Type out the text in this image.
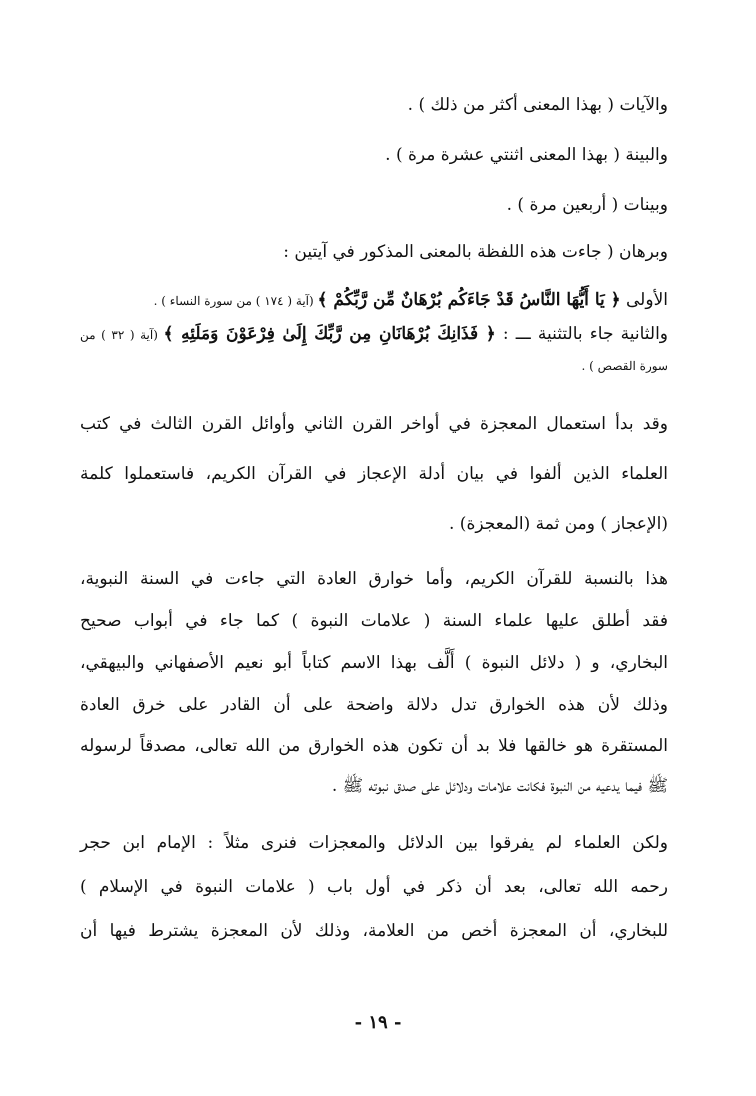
والآيات ( بهذا المعنى أكثر من ذلك ) .
والبينة ( بهذا المعنى اثنتي عشرة مرة ) .
وبينات ( أربعين مرة ) .
وبرهان ( جاءت هذه اللفظة بالمعنى المذكور في آيتين :
الأولى ﴿ يَا أَيُّهَا النَّاسُ قَدْ جَاءَكُم بُرْهَانٌ مِّن رَّبِّكُمْ ﴾ (آية ( ١٧٤ ) من سورة النساء ) .
والثانية جاء بالتثنية ـــ : ﴿ فَذَانِكَ بُرْهَانَانِ مِن رَّبِّكَ إِلَىٰ فِرْعَوْنَ وَمَلَئِهِ ﴾ (آية ( ٣٢ ) من
سورة القصص ) .
وقد بدأ استعمال المعجزة في أواخر القرن الثاني وأوائل القرن الثالث في كتب
العلماء الذين ألفوا في بيان أدلة الإعجاز في القرآن الكريم، فاستعملوا كلمة
(الإعجاز ) ومن ثمة (المعجزة) .
هذا بالنسبة للقرآن الكريم، وأما خوارق العادة التي جاءت في السنة النبوية،
فقد أطلق عليها علماء السنة ( علامات النبوة ) كما جاء في أبواب صحيح
البخاري، و ( دلائل النبوة ) أَلَّف بهذا الاسم كتاباً أبو نعيم الأصفهاني والبيهقي،
وذلك لأن هذه الخوارق تدل دلالة واضحة على أن القادر على خرق العادة
المستقرة هو خالقها فلا بد أن تكون هذه الخوارق من الله تعالى، مصدقاً لرسوله
ﷺ فيما يدعيه من النبوة فكانت علامات ودلائل على صدق نبوته ﷺ .
ولكن العلماء لم يفرقوا بين الدلائل والمعجزات فنرى مثلاً : الإمام ابن حجر
رحمه الله تعالى، بعد أن ذكر في أول باب ( علامات النبوة في الإسلام )
للبخاري، أن المعجزة أخص من العلامة، وذلك لأن المعجزة يشترط فيها أن
- ١٩ -
